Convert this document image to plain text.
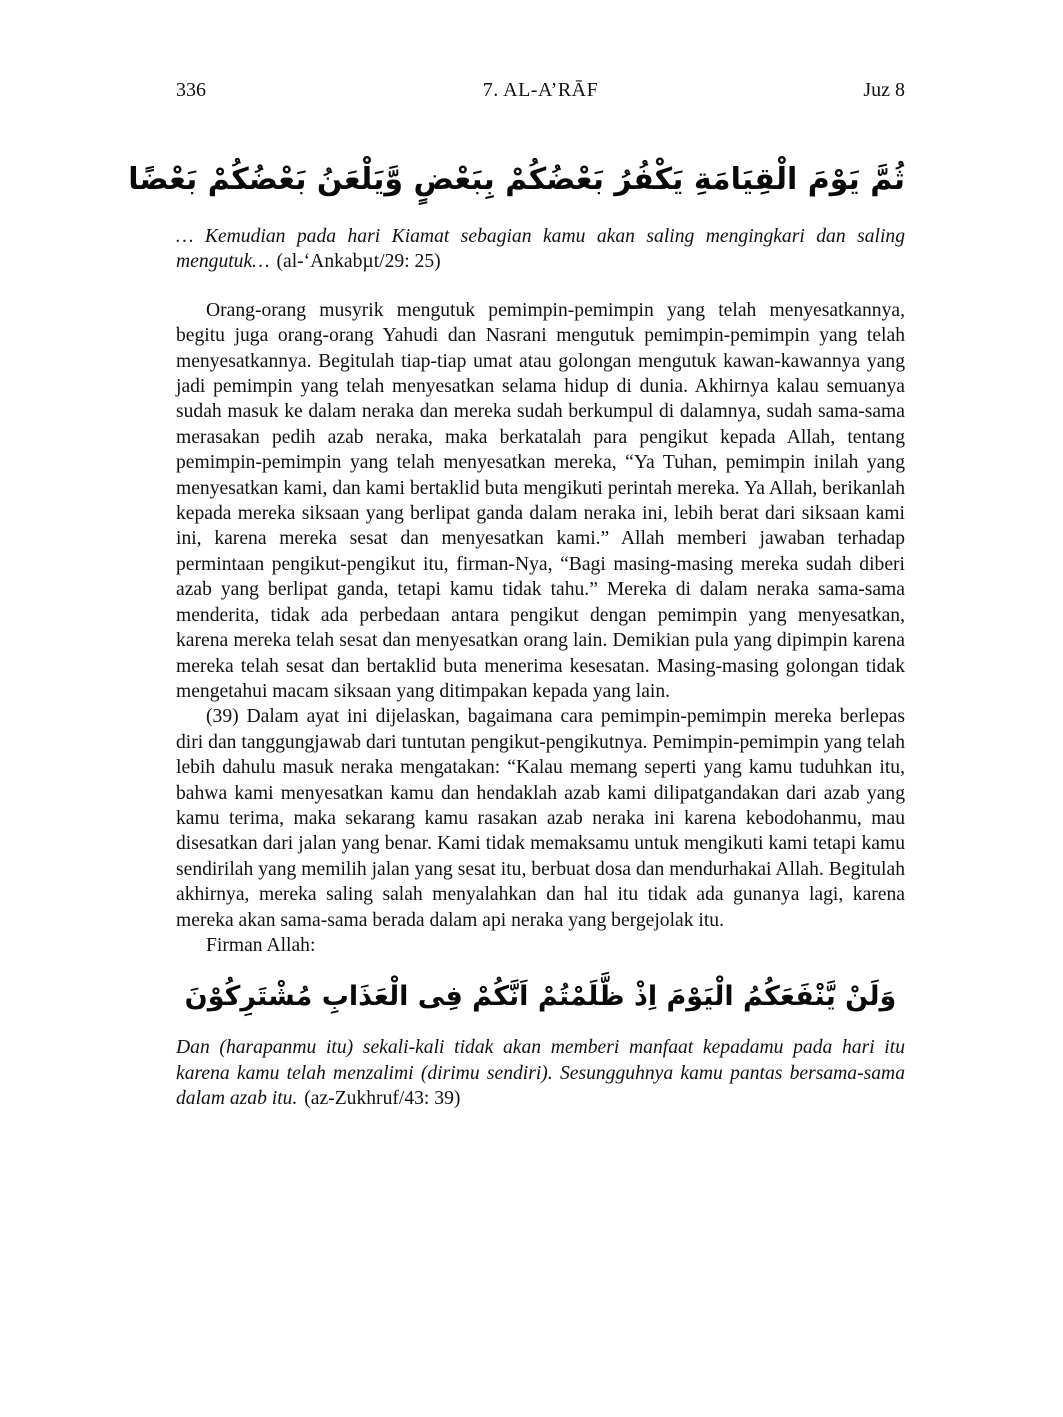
336	7. AL-A’RĀF	Juz 8
ثُمَّ يَوْمَ الْقِيَامَةِ يَكْفُرُ بَعْضُكُمْ بِبَعْضٍ وَّيَلْعَنُ بَعْضُكُمْ بَعْضًا

… Kemudian pada hari Kiamat sebagian kamu akan saling mengingkari dan saling mengutuk… (al-‘Ankabµt/29: 25)

Orang-orang musyrik mengutuk pemimpin-pemimpin yang telah menyesatkannya, begitu juga orang-orang Yahudi dan Nasrani mengutuk pemimpin-pemimpin yang telah menyesatkannya. Begitulah tiap-tiap umat atau golongan mengutuk kawan-kawannya yang jadi pemimpin yang telah menyesatkan selama hidup di dunia. Akhirnya kalau semuanya sudah masuk ke dalam neraka dan mereka sudah berkumpul di dalamnya, sudah sama-sama merasakan pedih azab neraka, maka berkatalah para pengikut kepada Allah, tentang pemimpin-pemimpin yang telah menyesatkan mereka, “Ya Tuhan, pemimpin inilah yang menyesatkan kami, dan kami bertaklid buta mengikuti perintah mereka. Ya Allah, berikanlah kepada mereka siksaan yang berlipat ganda dalam neraka ini, lebih berat dari siksaan kami ini, karena mereka sesat dan menyesatkan kami.” Allah memberi jawaban terhadap permintaan pengikut-pengikut itu, firman-Nya, “Bagi masing-masing mereka sudah diberi azab yang berlipat ganda, tetapi kamu tidak tahu.” Mereka di dalam neraka sama-sama menderita, tidak ada perbedaan antara pengikut dengan pemimpin yang menyesatkan, karena mereka telah sesat dan menyesatkan orang lain. Demikian pula yang dipimpin karena mereka telah sesat dan bertaklid buta menerima kesesatan. Masing-masing golongan tidak mengetahui macam siksaan yang ditimpakan kepada yang lain.

(39) Dalam ayat ini dijelaskan, bagaimana cara pemimpin-pemimpin mereka berlepas diri dan tanggungjawab dari tuntutan pengikut-pengikutnya. Pemimpin-pemimpin yang telah lebih dahulu masuk neraka mengatakan: “Kalau memang seperti yang kamu tuduhkan itu, bahwa kami menyesatkan kamu dan hendaklah azab kami dilipatgandakan dari azab yang kamu terima, maka sekarang kamu rasakan azab neraka ini karena kebodohanmu, mau disesatkan dari jalan yang benar. Kami tidak memaksamu untuk mengikuti kami tetapi kamu sendirilah yang memilih jalan yang sesat itu, berbuat dosa dan mendurhakai Allah. Begitulah akhirnya, mereka saling salah menyalahkan dan hal itu tidak ada gunanya lagi, karena mereka akan sama-sama berada dalam api neraka yang bergejolak itu.

Firman Allah:

وَلَنْ يَّنْفَعَكُمُ الْيَوْمَ اِذْ ظَّلَمْتُمْ اَنَّكُمْ فِى الْعَذَابِ مُشْتَرِكُوْنَ

Dan (harapanmu itu) sekali-kali tidak akan memberi manfaat kepadamu pada hari itu karena kamu telah menzalimi (dirimu sendiri). Sesungguhnya kamu pantas bersama-sama dalam azab itu. (az-Zukhruf/43: 39)
